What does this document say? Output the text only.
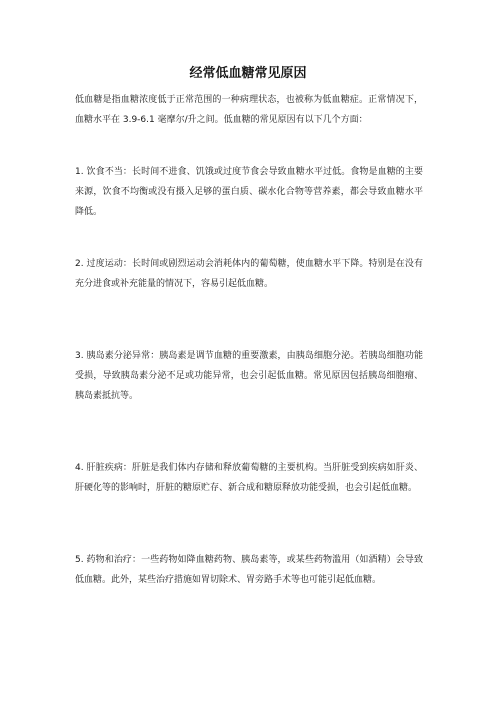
经常低血糖常见原因

低血糖是指血糖浓度低于正常范围的一种病理状态，也被称为低血糖症。正常情况下，血糖水平在 3.9-6.1 毫摩尔/升之间。低血糖的常见原因有以下几个方面：

1. 饮食不当：长时间不进食、饥饿或过度节食会导致血糖水平过低。食物是血糖的主要来源，饮食不均衡或没有摄入足够的蛋白质、碳水化合物等营养素，都会导致血糖水平降低。

2. 过度运动：长时间或剧烈运动会消耗体内的葡萄糖，使血糖水平下降。特别是在没有充分进食或补充能量的情况下，容易引起低血糖。

3. 胰岛素分泌异常：胰岛素是调节血糖的重要激素，由胰岛细胞分泌。若胰岛细胞功能受损，导致胰岛素分泌不足或功能异常，也会引起低血糖。常见原因包括胰岛细胞瘤、胰岛素抵抗等。

4. 肝脏疾病：肝脏是我们体内存储和释放葡萄糖的主要机构。当肝脏受到疾病如肝炎、肝硬化等的影响时，肝脏的糖原贮存、新合成和糖原释放功能受损，也会引起低血糖。

5. 药物和治疗：一些药物如降血糖药物、胰岛素等，或某些药物滥用（如酒精）会导致低血糖。此外，某些治疗措施如胃切除术、胃旁路手术等也可能引起低血糖。
